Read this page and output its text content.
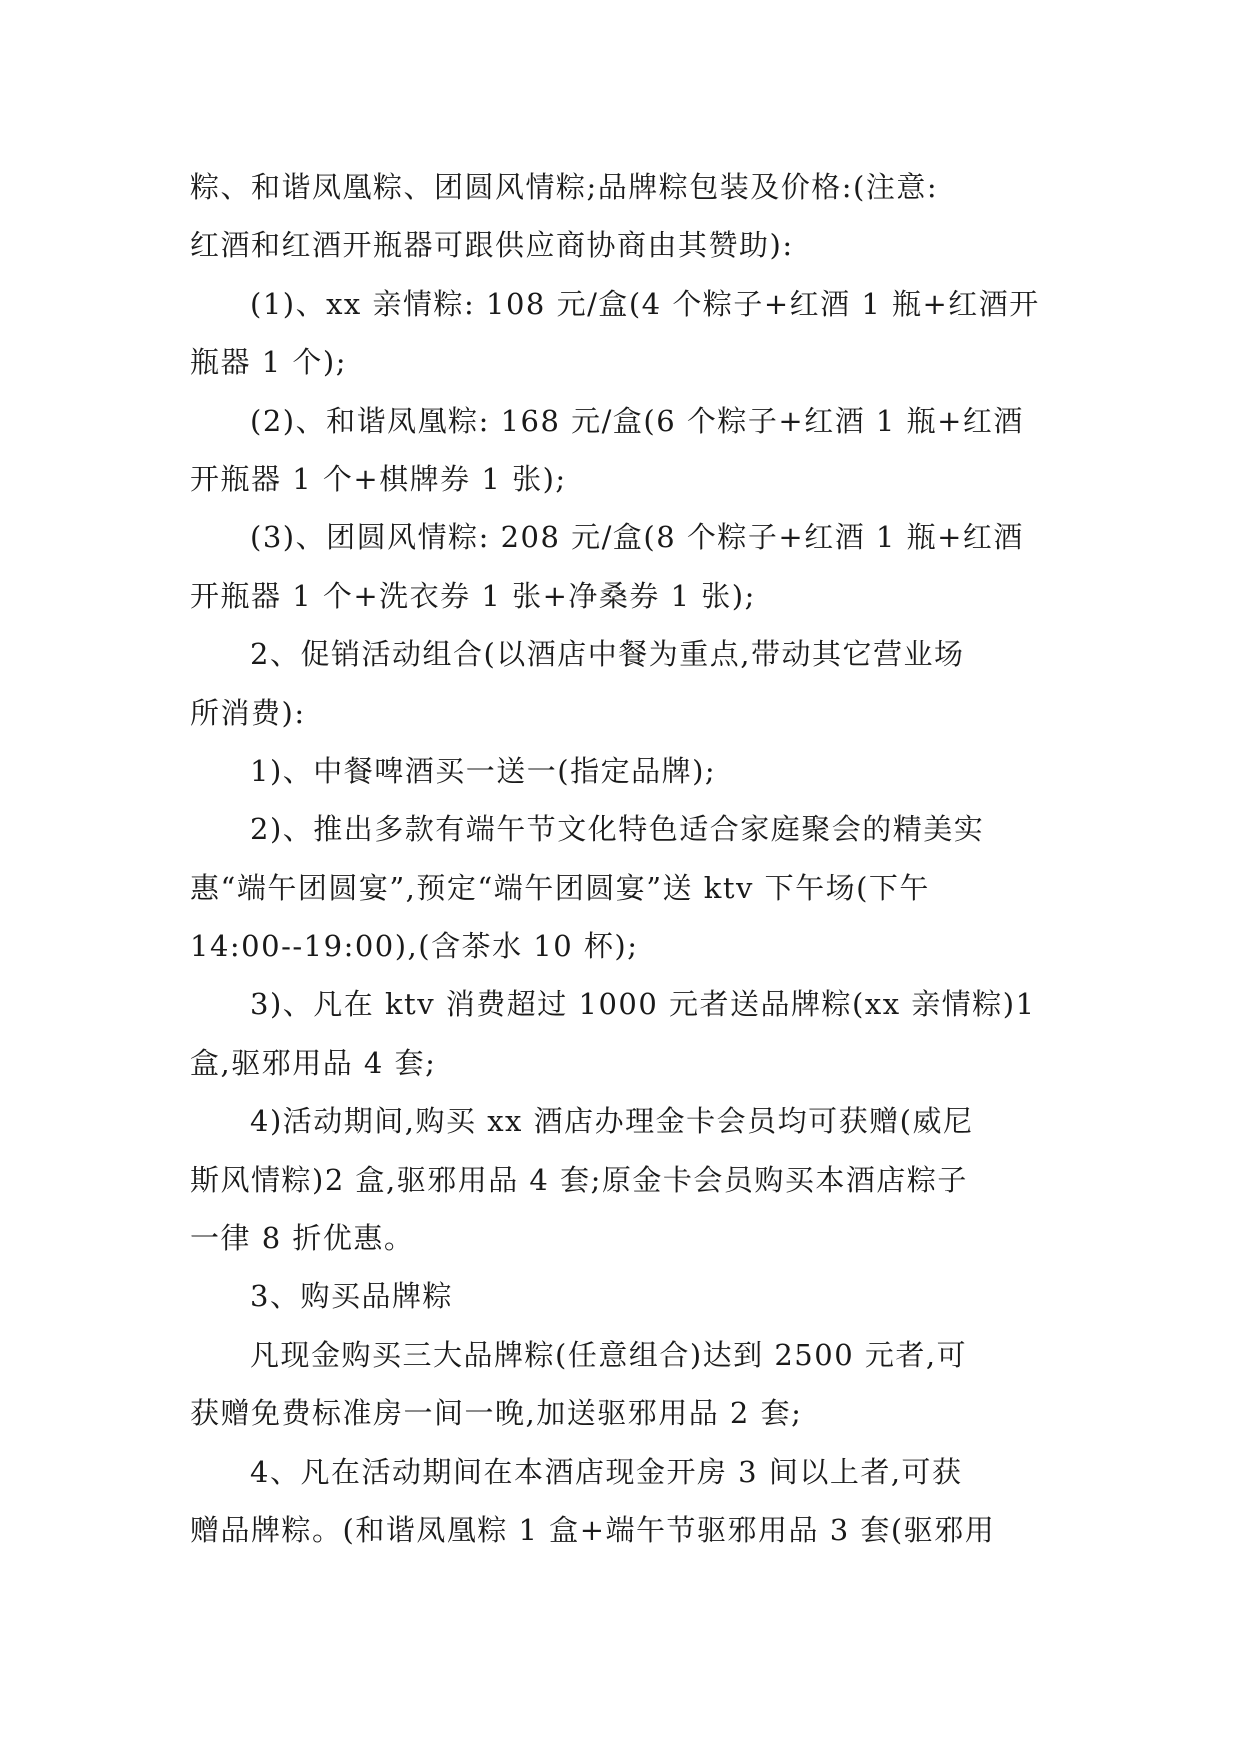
粽、和谐凤凰粽、团圆风情粽;品牌粽包装及价格:(注意:
红酒和红酒开瓶器可跟供应商协商由其赞助):
(1)、xx 亲情粽: 108 元/盒(4 个粽子+红酒 1 瓶+红酒开
瓶器 1 个);
(2)、和谐凤凰粽: 168 元/盒(6 个粽子+红酒 1 瓶+红酒
开瓶器 1 个+棋牌券 1 张);
(3)、团圆风情粽: 208 元/盒(8 个粽子+红酒 1 瓶+红酒
开瓶器 1 个+洗衣券 1 张+净桑券 1 张);
2、促销活动组合(以酒店中餐为重点,带动其它营业场
所消费):
1)、中餐啤酒买一送一(指定品牌);
2)、推出多款有端午节文化特色适合家庭聚会的精美实
惠“端午团圆宴”,预定“端午团圆宴”送 ktv 下午场(下午
14:00--19:00),(含茶水 10 杯);
3)、凡在 ktv 消费超过 1000 元者送品牌粽(xx 亲情粽)1
盒,驱邪用品 4 套;
4)活动期间,购买 xx 酒店办理金卡会员均可获赠(威尼
斯风情粽)2 盒,驱邪用品 4 套;原金卡会员购买本酒店粽子
一律 8 折优惠。
3、购买品牌粽
凡现金购买三大品牌粽(任意组合)达到 2500 元者,可
获赠免费标准房一间一晚,加送驱邪用品 2 套;
4、凡在活动期间在本酒店现金开房 3 间以上者,可获
赠品牌粽。(和谐凤凰粽 1 盒+端午节驱邪用品 3 套(驱邪用
